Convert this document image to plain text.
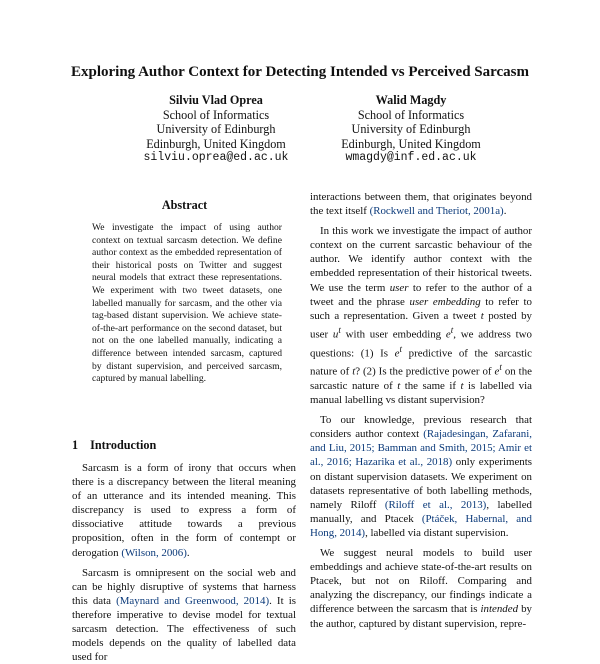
Exploring Author Context for Detecting Intended vs Perceived Sarcasm
Silviu Vlad Oprea
School of Informatics
University of Edinburgh
Edinburgh, United Kingdom
silviu.oprea@ed.ac.uk
Walid Magdy
School of Informatics
University of Edinburgh
Edinburgh, United Kingdom
wmagdy@inf.ed.ac.uk
Abstract
We investigate the impact of using author context on textual sarcasm detection. We define author context as the embedded representation of their historical posts on Twitter and suggest neural models that extract these representations. We experiment with two tweet datasets, one labelled manually for sarcasm, and the other via tag-based distant supervision. We achieve state-of-the-art performance on the second dataset, but not on the one labelled manually, indicating a difference between intended sarcasm, captured by distant supervision, and perceived sarcasm, captured by manual labelling.
1 Introduction

Sarcasm is a form of irony that occurs when there is a discrepancy between the literal meaning of an utterance and its intended meaning. This discrepancy is used to express a form of dissociative attitude towards a previous proposition, often in the form of contempt or derogation (Wilson, 2006).

Sarcasm is omnipresent on the social web and can be highly disruptive of systems that harness this data (Maynard and Greenwood, 2014). It is therefore imperative to devise model for textual sarcasm detection. The effectiveness of such models depends on the quality of labelled data used for

interactions between them, that originates beyond the text itself (Rockwell and Theriot, 2001a).

In this work we investigate the impact of author context on the current sarcastic behaviour of the author. We identify author context with the embedded representation of their historical tweets. We use the term user to refer to the author of a tweet and the phrase user embedding to refer to such a representation. Given a tweet t posted by user $u^t$ with user embedding $e^t$, we address two questions: (1) Is $e^t$ predictive of the sarcastic nature of t? (2) Is the predictive power of $e^t$ on the sarcastic nature of t the same if t is labelled via manual labelling vs distant supervision?

To our knowledge, previous research that considers author context (Rajadesingan, Zafarani, and Liu, 2015; Bamman and Smith, 2015; Amir et al., 2016; Hazarika et al., 2018) only experiments on distant supervision datasets. We experiment on datasets representative of both labelling methods, namely Riloff (Riloff et al., 2013), labelled manually, and Ptacek (Ptáček, Habernal, and Hong, 2014), labelled via distant supervision.

We suggest neural models to build user embeddings and achieve state-of-the-art results on Ptacek, but not on Riloff. Comparing and analyzing the discrepancy, our findings indicate a difference between the sarcasm that is intended by the author, captured by distant supervision, repre-
